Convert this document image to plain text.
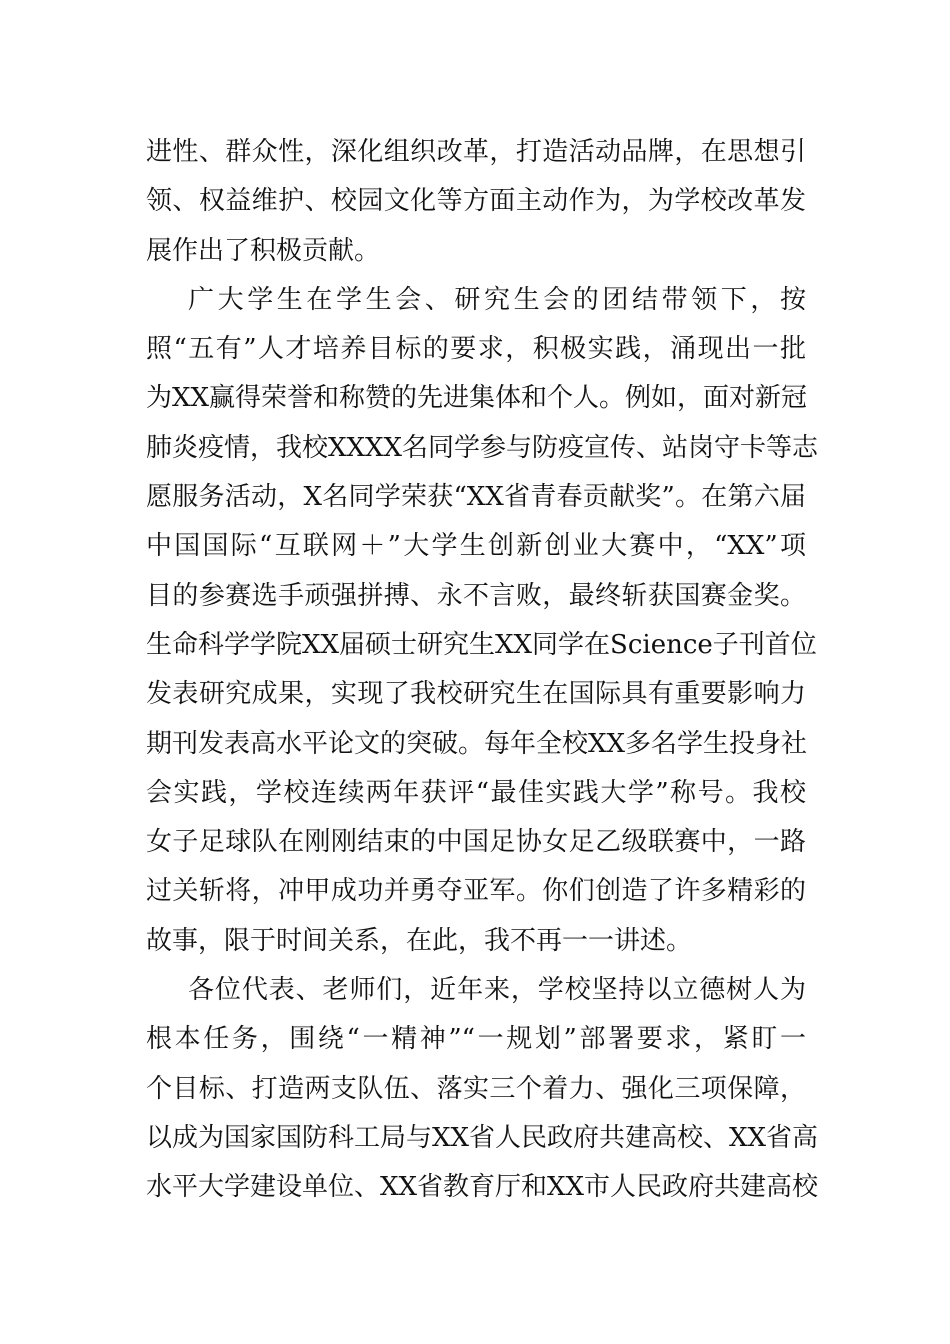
进性、群众性，深化组织改革，打造活动品牌，在思想引
领、权益维护、校园文化等方面主动作为，为学校改革发
展作出了积极贡献。
广大学生在学生会、研究生会的团结带领下，按
照“五有”人才培养目标的要求，积极实践，涌现出一批
为XX赢得荣誉和称赞的先进集体和个人。例如，面对新冠
肺炎疫情，我校XXXX名同学参与防疫宣传、站岗守卡等志
愿服务活动，X名同学荣获“XX省青春贡献奖”。在第六届
中国国际“互联网＋”大学生创新创业大赛中，“XX”项
目的参赛选手顽强拼搏、永不言败，最终斩获国赛金奖。
生命科学学院XX届硕士研究生XX同学在Science子刊首位
发表研究成果，实现了我校研究生在国际具有重要影响力
期刊发表高水平论文的突破。每年全校XX多名学生投身社
会实践，学校连续两年获评“最佳实践大学”称号。我校
女子足球队在刚刚结束的中国足协女足乙级联赛中，一路
过关斩将，冲甲成功并勇夺亚军。你们创造了许多精彩的
故事，限于时间关系，在此，我不再一一讲述。
各位代表、老师们，近年来，学校坚持以立德树人为
根本任务，围绕“一精神”“一规划”部署要求，紧盯一
个目标、打造两支队伍、落实三个着力、强化三项保障，
以成为国家国防科工局与XX省人民政府共建高校、XX省高
水平大学建设单位、XX省教育厅和XX市人民政府共建高校
